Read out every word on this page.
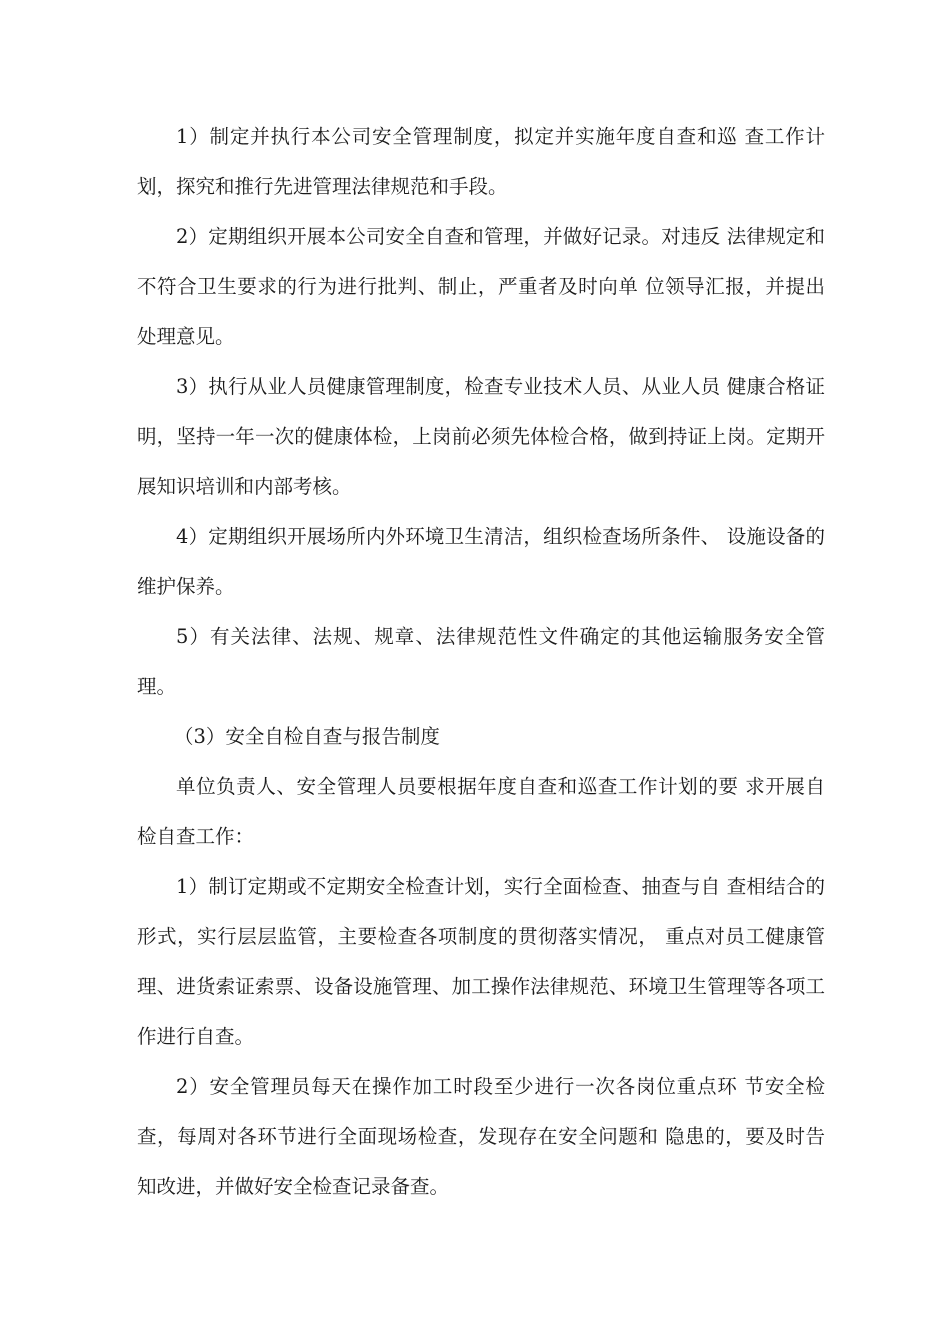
1）制定并执行本公司安全管理制度，拟定并实施年度自查和巡 查工作计划，探究和推行先进管理法律规范和手段。

2）定期组织开展本公司安全自查和管理，并做好记录。对违反 法律规定和不符合卫生要求的行为进行批判、制止，严重者及时向单 位领导汇报，并提出处理意见。

3）执行从业人员健康管理制度，检查专业技术人员、从业人员 健康合格证明，坚持一年一次的健康体检，上岗前必须先体检合格，做到持证上岗。定期开展知识培训和内部考核。

4）定期组织开展场所内外环境卫生清洁，组织检查场所条件、 设施设备的维护保养。

5）有关法律、法规、规章、法律规范性文件确定的其他运输服务安全管理。

（3）安全自检自查与报告制度

单位负责人、安全管理人员要根据年度自查和巡查工作计划的要 求开展自检自查工作：

1）制订定期或不定期安全检查计划，实行全面检查、抽查与自 查相结合的形式，实行层层监管，主要检查各项制度的贯彻落实情况， 重点对员工健康管理、进货索证索票、设备设施管理、加工操作法律规范、环境卫生管理等各项工作进行自查。

2）安全管理员每天在操作加工时段至少进行一次各岗位重点环 节安全检查，每周对各环节进行全面现场检查，发现存在安全问题和 隐患的，要及时告知改进，并做好安全检查记录备查。
